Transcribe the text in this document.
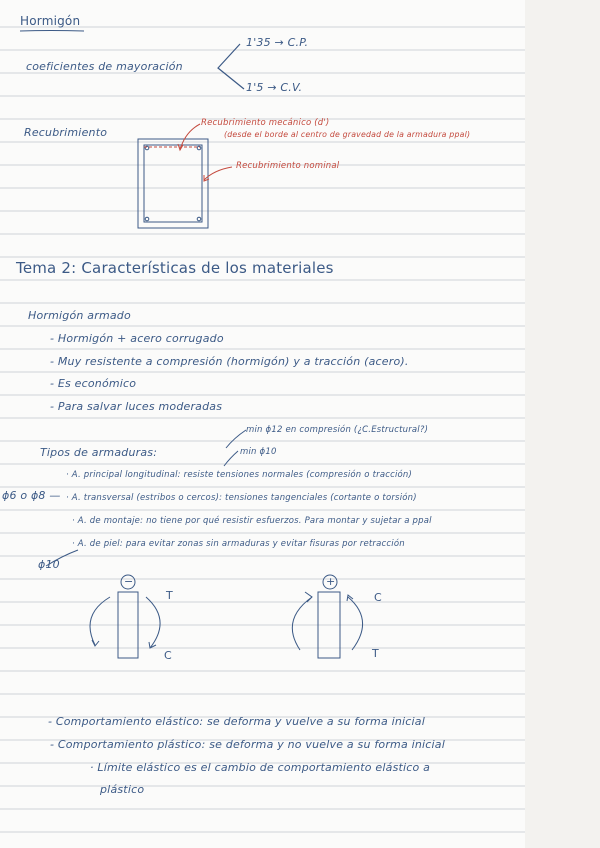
Hormigón
coeficientes de mayoración
1'35 → C.P.
1'5 → C.V.
Recubrimiento
Recubrimiento mecánico (d')
(desde el borde al centro de gravedad de la armadura ppal)
Recubrimiento nominal
Tema 2: Características de los materiales
Hormigón armado
- Hormigón + acero corrugado
- Muy resistente a compresión (hormigón) y a tracción (acero).
- Es económico
- Para salvar luces moderadas
Tipos de armaduras:
min ϕ12 en compresión (¿C.Estructural?)
min ϕ10
· A. principal longitudinal: resiste tensiones normales (compresión o tracción)
ϕ6 o ϕ8 — · A. transversal (estribos o cercos): tensiones tangenciales (cortante o torsión)
· A. de montaje: no tiene por qué resistir esfuerzos. Para montar y sujetar a ppal
· A. de piel: para evitar zonas sin armaduras y evitar fisuras por retracción
ϕ10
−
T
C
+
C
T
- Comportamiento elástico: se deforma y vuelve a su forma inicial
- Comportamiento plástico: se deforma y no vuelve a su forma inicial
· Límite elástico es el cambio de comportamiento elástico a
plástico
